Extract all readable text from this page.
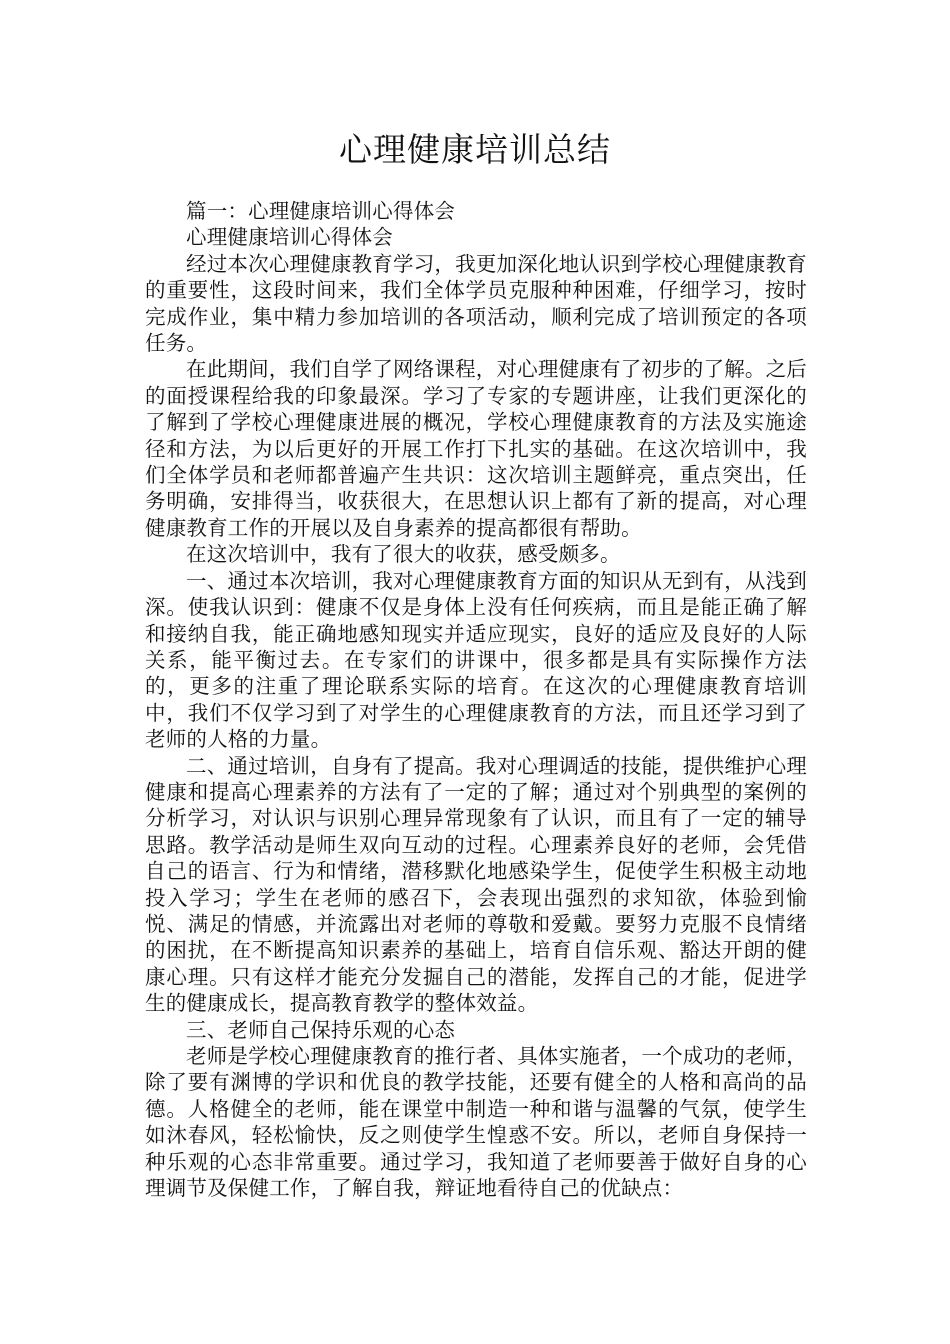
心理健康培训总结

篇一：心理健康培训心得体会

心理健康培训心得体会

经过本次心理健康教育学习，我更加深化地认识到学校心理健康教育的重要性，这段时间来，我们全体学员克服种种困难，仔细学习，按时完成作业，集中精力参加培训的各项活动，顺利完成了培训预定的各项任务。

在此期间，我们自学了网络课程，对心理健康有了初步的了解。之后的面授课程给我的印象最深。学习了专家的专题讲座，让我们更深化的了解到了学校心理健康进展的概况，学校心理健康教育的方法及实施途径和方法，为以后更好的开展工作打下扎实的基础。在这次培训中，我们全体学员和老师都普遍产生共识：这次培训主题鲜亮，重点突出，任务明确，安排得当，收获很大，在思想认识上都有了新的提高，对心理健康教育工作的开展以及自身素养的提高都很有帮助。

在这次培训中，我有了很大的收获，感受颇多。

一、通过本次培训，我对心理健康教育方面的知识从无到有，从浅到深。使我认识到：健康不仅是身体上没有任何疾病，而且是能正确了解和接纳自我，能正确地感知现实并适应现实，良好的适应及良好的人际关系，能平衡过去。在专家们的讲课中，很多都是具有实际操作方法的，更多的注重了理论联系实际的培育。在这次的心理健康教育培训中，我们不仅学习到了对学生的心理健康教育的方法，而且还学习到了老师的人格的力量。

二、通过培训，自身有了提高。我对心理调适的技能，提供维护心理健康和提高心理素养的方法有了一定的了解；通过对个别典型的案例的分析学习，对认识与识别心理异常现象有了认识，而且有了一定的辅导思路。教学活动是师生双向互动的过程。心理素养良好的老师，会凭借自己的语言、行为和情绪，潜移默化地感染学生，促使学生积极主动地投入学习；学生在老师的感召下，会表现出强烈的求知欲，体验到愉悦、满足的情感，并流露出对老师的尊敬和爱戴。要努力克服不良情绪的困扰，在不断提高知识素养的基础上，培育自信乐观、豁达开朗的健康心理。只有这样才能充分发掘自己的潜能，发挥自己的才能，促进学生的健康成长，提高教育教学的整体效益。

三、老师自己保持乐观的心态

老师是学校心理健康教育的推行者、具体实施者，一个成功的老师，除了要有渊博的学识和优良的教学技能，还要有健全的人格和高尚的品德。人格健全的老师，能在课堂中制造一种和谐与温馨的气氛，使学生如沐春风，轻松愉快，反之则使学生惶惑不安。所以，老师自身保持一种乐观的心态非常重要。通过学习，我知道了老师要善于做好自身的心理调节及保健工作，了解自我，辩证地看待自己的优缺点：
